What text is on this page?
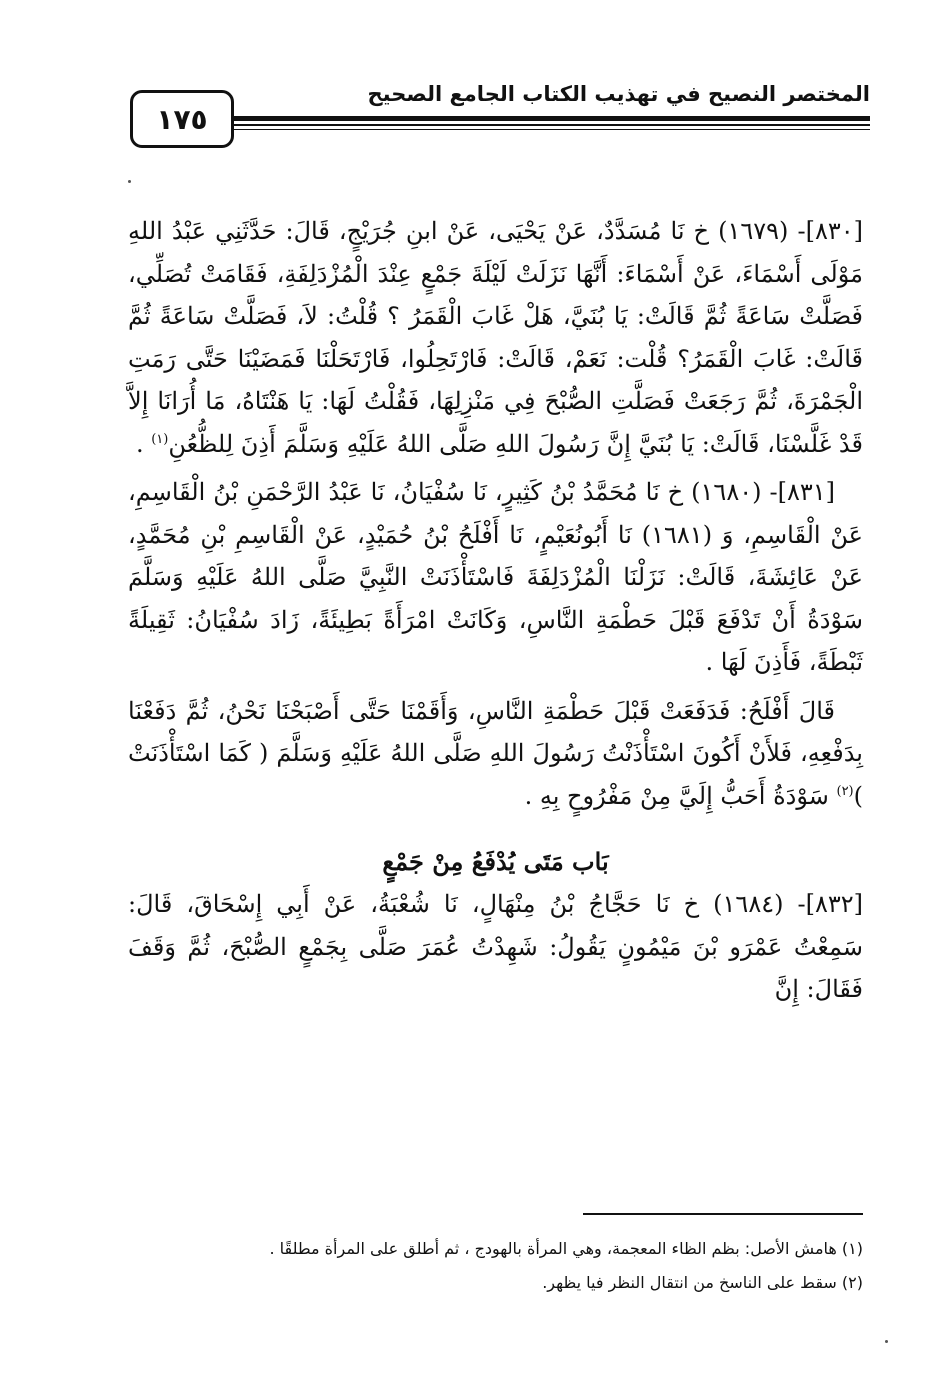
١٧٥
المختصر النصيح في تهذيب الكتاب الجامع الصحيح

[٨٣٠]- (١٦٧٩) خ نَا مُسَدَّدٌ، عَنْ يَحْيَى، عَنْ ابنِ جُرَيْجٍ، قَالَ: حَدَّثَنِي عَبْدُ اللهِ مَوْلَى أَسْمَاءَ، عَنْ أَسْمَاءَ: أَنَّهَا نَزَلَتْ لَيْلَةَ جَمْعٍ عِنْدَ الْمُزْدَلِفَةِ، فَقَامَتْ تُصَلِّي، فَصَلَّتْ سَاعَةً ثُمَّ قَالَتْ: يَا بُنَيَّ، هَلْ غَابَ الْقَمَرُ ؟ قُلْتُ: لاَ، فَصَلَّتْ سَاعَةً ثُمَّ قَالَتْ: غَابَ الْقَمَرُ؟ قُلْت: نَعَمْ، قَالَتْ: فَارْتَحِلُوا، فَارْتَحَلْنَا فَمَضَيْنَا حَتَّى رَمَتِ الْجَمْرَةَ، ثُمَّ رَجَعَتْ فَصَلَّتِ الصُّبْحَ فِي مَنْزِلِهَا، فَقُلْتُ لَهَا: يَا هَنْتَاهُ، مَا أُرَانَا إِلاَّ قَدْ غَلَّسْنَا، قَالَتْ: يَا بُنَيَّ إِنَّ رَسُولَ اللهِ صَلَّى اللهُ عَلَيْهِ وَسَلَّمَ أَذِنَ لِلظُّعُنِ$^{(١)}$ .

[٨٣١]- (١٦٨٠) خ نَا مُحَمَّدُ بْنُ كَثِيرٍ، نَا سُفْيَانُ، نَا عَبْدُ الرَّحْمَنِ بْنُ الْقَاسِمِ، عَنْ الْقَاسِمِ، وَ (١٦٨١) نَا أَبُونُعَيْمٍ، نَا أَفْلَحُ بْنُ حُمَيْدٍ، عَنْ الْقَاسِمِ بْنِ مُحَمَّدٍ، عَنْ عَائِشَةَ، قَالَتْ: نَزَلْنَا الْمُزْدَلِفَةَ فَاسْتَأْذَنَتْ النَّبِيَّ صَلَّى اللهُ عَلَيْهِ وَسَلَّمَ سَوْدَةُ أَنْ تَدْفَعَ قَبْلَ حَطْمَةِ النَّاسِ، وَكَانَتْ امْرَأَةً بَطِيئَةً، زَادَ سُفْيَانُ: ثَقِيلَةً ثَبْطَةً، فَأَذِنَ لَهَا .

قَالَ أَفْلَحُ: فَدَفَعَتْ قَبْلَ حَطْمَةِ النَّاسِ، وَأَقَمْنَا حَتَّى أَصْبَحْنَا نَحْنُ، ثُمَّ دَفَعْنَا بِدَفْعِهِ، فَلأَنْ أَكُونَ اسْتَأْذَنْتُ رَسُولَ اللهِ صَلَّى اللهُ عَلَيْهِ وَسَلَّمَ ( كَمَا اسْتَأْذَنَتْ )$^{(٢)}$ سَوْدَةُ أَحَبُّ إِلَيَّ مِنْ مَفْرُوحٍ بِهِ .

بَاب مَتَى يُدْفَعُ مِنْ جَمْعٍ

[٨٣٢]- (١٦٨٤) خ نَا حَجَّاجُ بْنُ مِنْهَالٍ، نَا شُعْبَةُ، عَنْ أَبِي إِسْحَاقَ، قَالَ: سَمِعْتُ عَمْرَو بْنَ مَيْمُونٍ يَقُولُ: شَهِدْتُ عُمَرَ صَلَّى بِجَمْعٍ الصُّبْحَ، ثُمَّ وَقَفَ فَقَالَ: إِنَّ

(١) هامش الأصل: بظم الظاء المعجمة، وهي المرأة بالهودج ، ثم أطلق على المرأة مطلقًا .

(٢) سقط على الناسخ من انتقال النظر فيا يظهر.
